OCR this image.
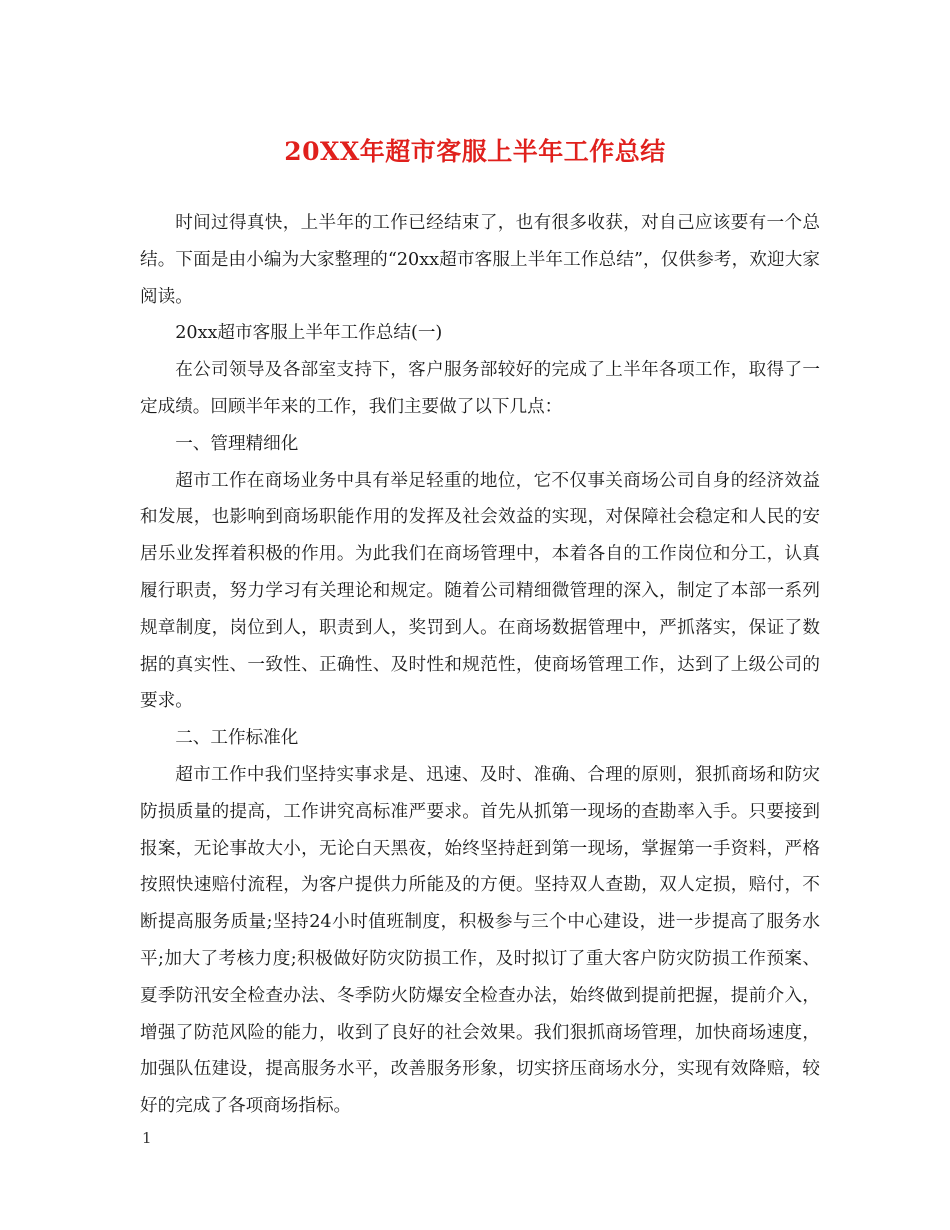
20XX年超市客服上半年工作总结

时间过得真快，上半年的工作已经结束了，也有很多收获，对自己应该要有一个总结。下面是由小编为大家整理的“20xx超市客服上半年工作总结”，仅供参考，欢迎大家阅读。

20xx超市客服上半年工作总结(一)

在公司领导及各部室支持下，客户服务部较好的完成了上半年各项工作，取得了一定成绩。回顾半年来的工作，我们主要做了以下几点：

一、管理精细化

超市工作在商场业务中具有举足轻重的地位，它不仅事关商场公司自身的经济效益和发展，也影响到商场职能作用的发挥及社会效益的实现，对保障社会稳定和人民的安居乐业发挥着积极的作用。为此我们在商场管理中，本着各自的工作岗位和分工，认真履行职责，努力学习有关理论和规定。随着公司精细微管理的深入，制定了本部一系列规章制度，岗位到人，职责到人，奖罚到人。在商场数据管理中，严抓落实，保证了数据的真实性、一致性、正确性、及时性和规范性，使商场管理工作，达到了上级公司的要求。

二、工作标准化

超市工作中我们坚持实事求是、迅速、及时、准确、合理的原则，狠抓商场和防灾防损质量的提高，工作讲究高标准严要求。首先从抓第一现场的查勘率入手。只要接到报案，无论事故大小，无论白天黑夜，始终坚持赶到第一现场，掌握第一手资料，严格按照快速赔付流程，为客户提供力所能及的方便。坚持双人查勘，双人定损，赔付，不断提高服务质量;坚持24小时值班制度，积极参与三个中心建设，进一步提高了服务水平;加大了考核力度;积极做好防灾防损工作，及时拟订了重大客户防灾防损工作预案、夏季防汛安全检查办法、冬季防火防爆安全检查办法，始终做到提前把握，提前介入，增强了防范风险的能力，收到了良好的社会效果。我们狠抓商场管理，加快商场速度，加强队伍建设，提高服务水平，改善服务形象，切实挤压商场水分，实现有效降赔，较好的完成了各项商场指标。

1
